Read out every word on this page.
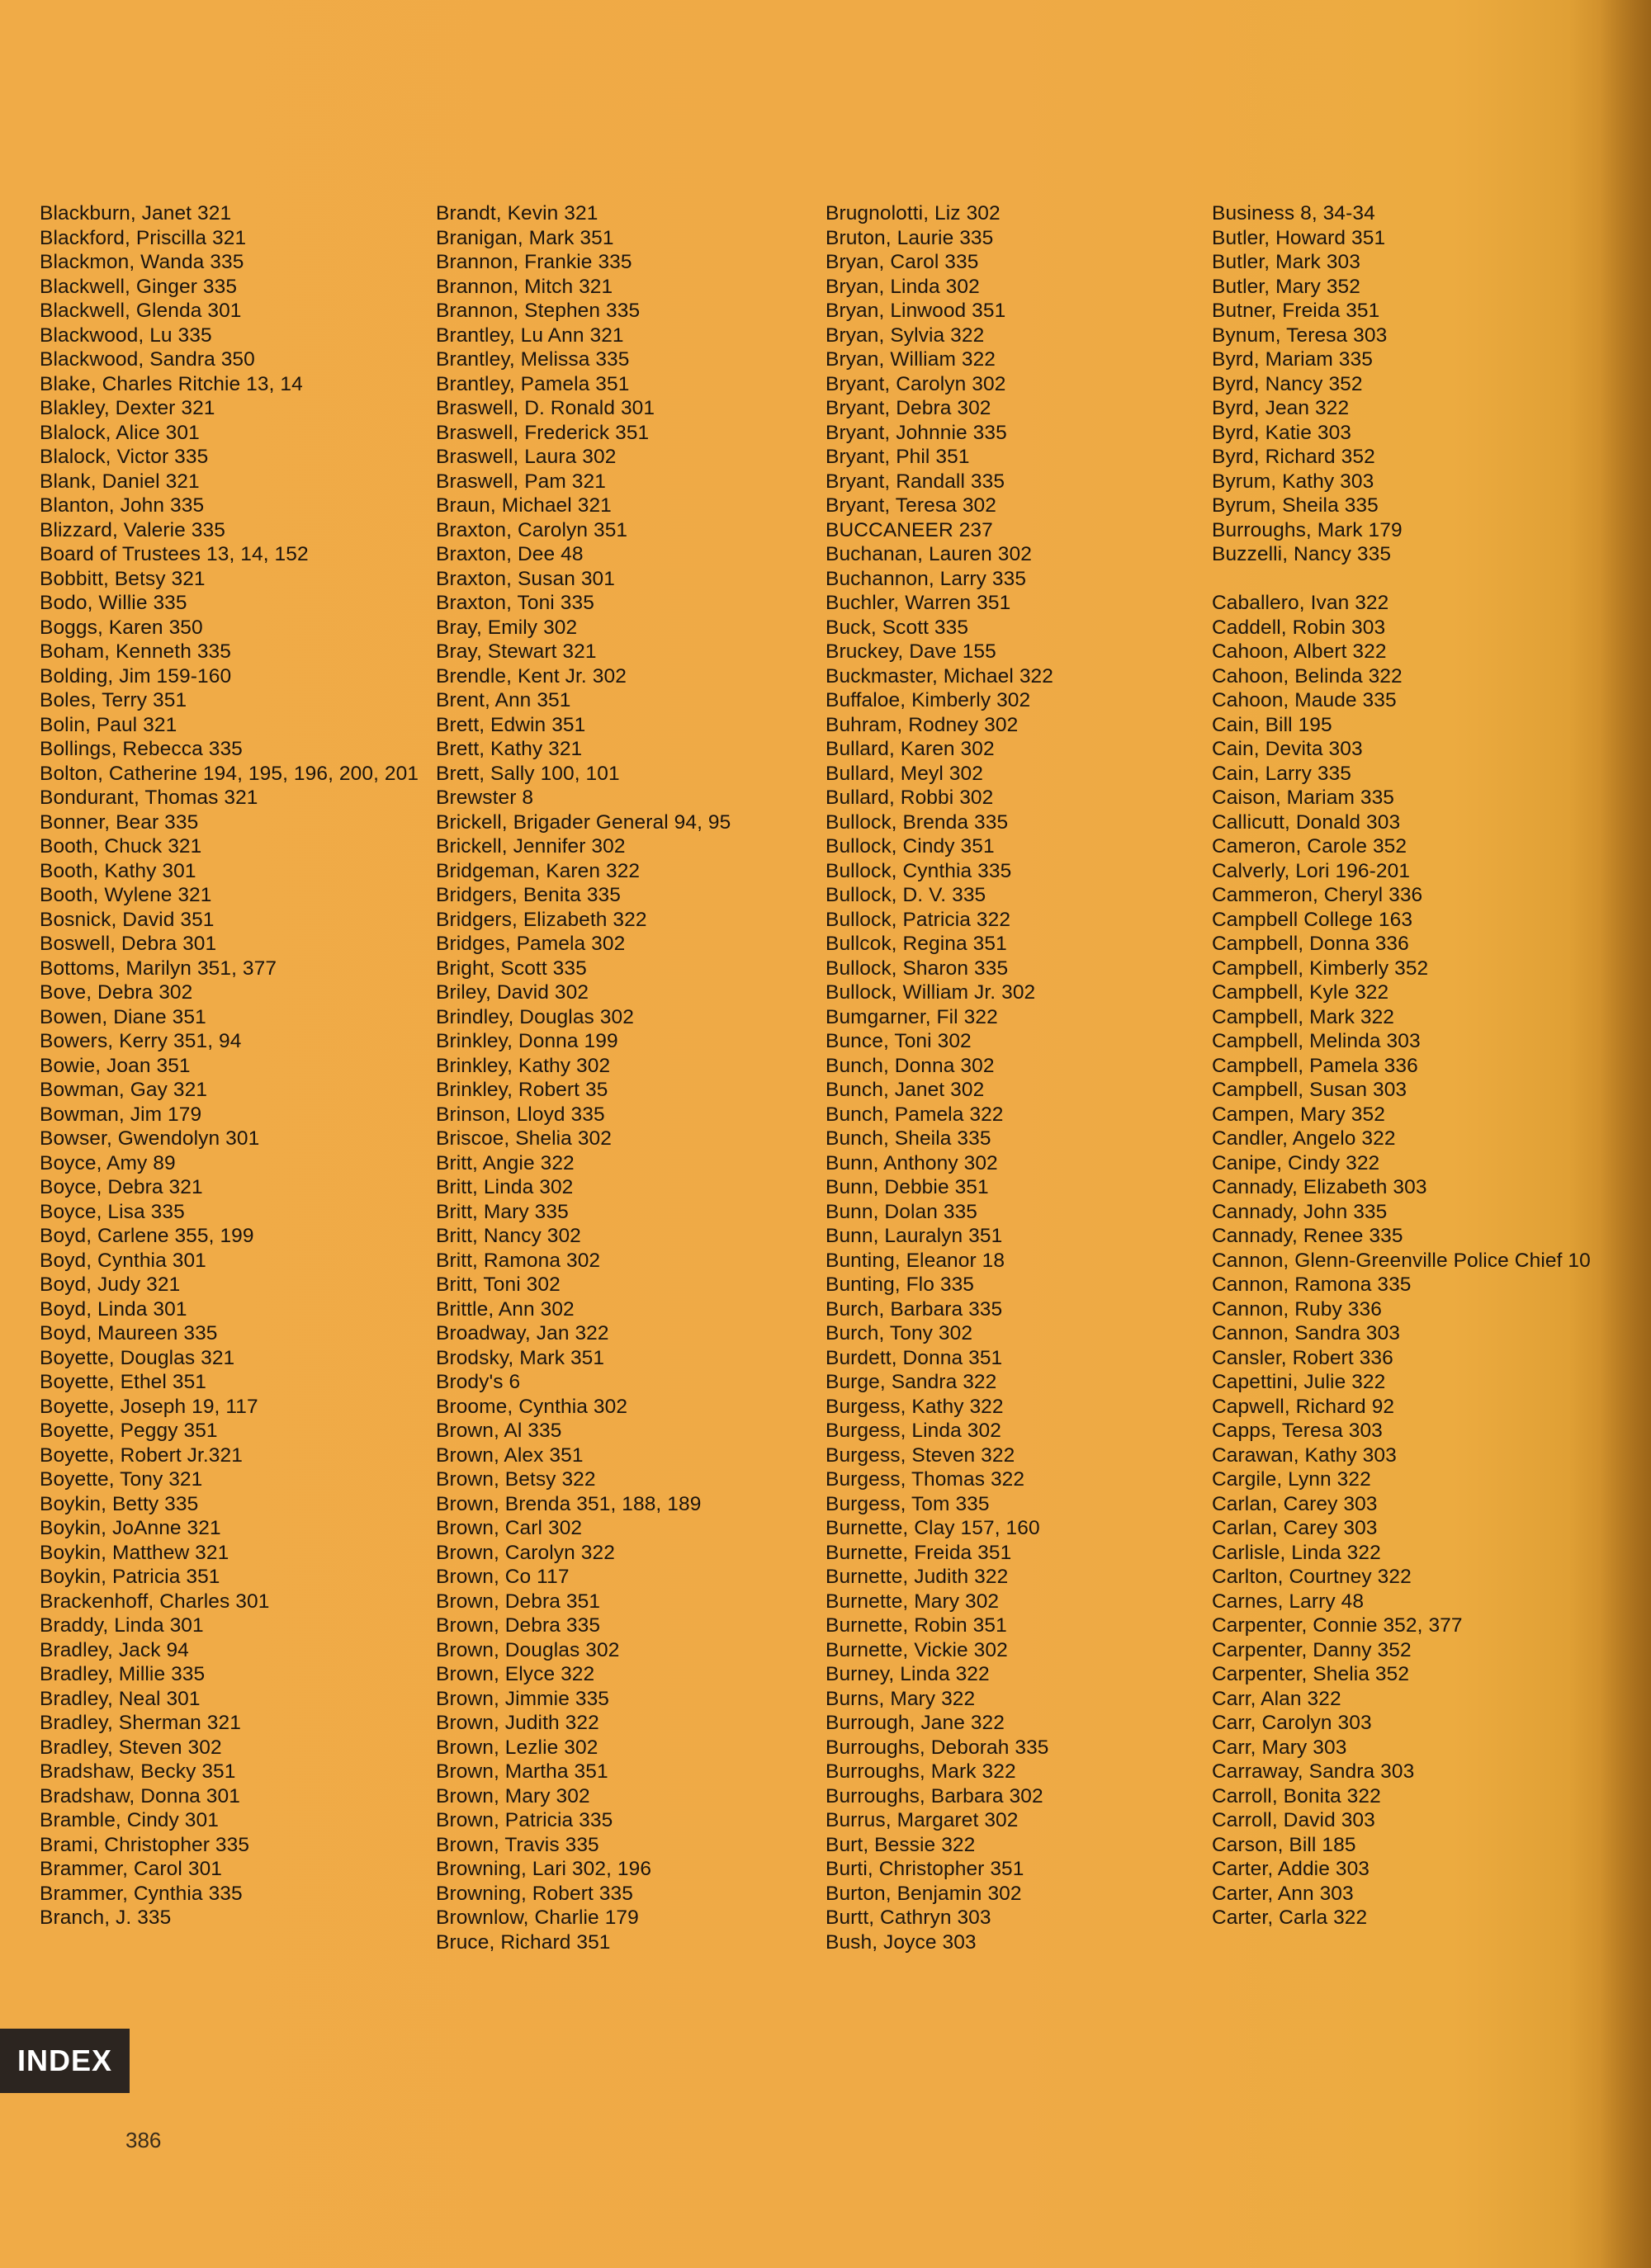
Blackburn, Janet 321
Blackford, Priscilla 321
Blackmon, Wanda 335
Blackwell, Ginger 335
Blackwell, Glenda 301
Blackwood, Lu 335
Blackwood, Sandra 350
Blake, Charles Ritchie 13, 14
Blakley, Dexter 321
Blalock, Alice 301
Blalock, Victor 335
Blank, Daniel 321
Blanton, John 335
Blizzard, Valerie 335
Board of Trustees 13, 14, 152
Bobbitt, Betsy 321
Bodo, Willie 335
Boggs, Karen 350
Boham, Kenneth 335
Bolding, Jim 159-160
Boles, Terry 351
Bolin, Paul 321
Bollings, Rebecca 335
Bolton, Catherine 194, 195, 196, 200, 201
Bondurant, Thomas 321
Bonner, Bear 335
Booth, Chuck 321
Booth, Kathy 301
Booth, Wylene 321
Bosnick, David 351
Boswell, Debra 301
Bottoms, Marilyn 351, 377
Bove, Debra 302
Bowen, Diane 351
Bowers, Kerry 351, 94
Bowie, Joan 351
Bowman, Gay 321
Bowman, Jim 179
Bowser, Gwendolyn 301
Boyce, Amy 89
Boyce, Debra 321
Boyce, Lisa 335
Boyd, Carlene 355, 199
Boyd, Cynthia 301
Boyd, Judy 321
Boyd, Linda 301
Boyd, Maureen 335
Boyette, Douglas 321
Boyette, Ethel 351
Boyette, Joseph 19, 117
Boyette, Peggy 351
Boyette, Robert Jr.321
Boyette, Tony 321
Boykin, Betty 335
Boykin, JoAnne 321
Boykin, Matthew 321
Boykin, Patricia 351
Brackenhoff, Charles 301
Braddy, Linda 301
Bradley, Jack 94
Bradley, Millie 335
Bradley, Neal 301
Bradley, Sherman 321
Bradley, Steven 302
Bradshaw, Becky 351
Bradshaw, Donna 301
Bramble, Cindy 301
Brami, Christopher 335
Brammer, Carol 301
Brammer, Cynthia 335
Branch, J. 335
Brandt, Kevin 321
Branigan, Mark 351
Brannon, Frankie 335
Brannon, Mitch 321
Brannon, Stephen 335
Brantley, Lu Ann 321
Brantley, Melissa 335
Brantley, Pamela 351
Braswell, D. Ronald 301
Braswell, Frederick 351
Braswell, Laura 302
Braswell, Pam 321
Braun, Michael 321
Braxton, Carolyn 351
Braxton, Dee 48
Braxton, Susan 301
Braxton, Toni 335
Bray, Emily 302
Bray, Stewart 321
Brendle, Kent Jr. 302
Brent, Ann 351
Brett, Edwin 351
Brett, Kathy 321
Brett, Sally 100, 101
Brewster 8
Brickell, Brigader General 94, 95
Brickell, Jennifer 302
Bridgeman, Karen 322
Bridgers, Benita 335
Bridgers, Elizabeth 322
Bridges, Pamela 302
Bright, Scott 335
Briley, David 302
Brindley, Douglas 302
Brinkley, Donna 199
Brinkley, Kathy 302
Brinkley, Robert 35
Brinson, Lloyd 335
Briscoe, Shelia 302
Britt, Angie 322
Britt, Linda 302
Britt, Mary 335
Britt, Nancy 302
Britt, Ramona 302
Britt, Toni 302
Brittle, Ann 302
Broadway, Jan 322
Brodsky, Mark 351
Brody's 6
Broome, Cynthia 302
Brown, Al 335
Brown, Alex 351
Brown, Betsy 322
Brown, Brenda 351, 188, 189
Brown, Carl 302
Brown, Carolyn 322
Brown, Co 117
Brown, Debra 351
Brown, Debra 335
Brown, Douglas 302
Brown, Elyce 322
Brown, Jimmie 335
Brown, Judith 322
Brown, Lezlie 302
Brown, Martha 351
Brown, Mary 302
Brown, Patricia 335
Brown, Travis 335
Browning, Lari 302, 196
Browning, Robert 335
Brownlow, Charlie 179
Bruce, Richard 351
Brugnolotti, Liz 302
Bruton, Laurie 335
Bryan, Carol 335
Bryan, Linda 302
Bryan, Linwood 351
Bryan, Sylvia 322
Bryan, William 322
Bryant, Carolyn 302
Bryant, Debra 302
Bryant, Johnnie 335
Bryant, Phil 351
Bryant, Randall 335
Bryant, Teresa 302
BUCCANEER 237
Buchanan, Lauren 302
Buchannon, Larry 335
Buchler, Warren 351
Buck, Scott 335
Bruckey, Dave 155
Buckmaster, Michael 322
Buffaloe, Kimberly 302
Buhram, Rodney 302
Bullard, Karen 302
Bullard, Meyl 302
Bullard, Robbi 302
Bullock, Brenda 335
Bullock, Cindy 351
Bullock, Cynthia 335
Bullock, D. V. 335
Bullock, Patricia 322
Bullcok, Regina 351
Bullock, Sharon 335
Bullock, William Jr. 302
Bumgarner, Fil 322
Bunce, Toni 302
Bunch, Donna 302
Bunch, Janet 302
Bunch, Pamela 322
Bunch, Sheila 335
Bunn, Anthony 302
Bunn, Debbie 351
Bunn, Dolan 335
Bunn, Lauralyn 351
Bunting, Eleanor 18
Bunting, Flo 335
Burch, Barbara 335
Burch, Tony 302
Burdett, Donna 351
Burge, Sandra 322
Burgess, Kathy 322
Burgess, Linda 302
Burgess, Steven 322
Burgess, Thomas 322
Burgess, Tom 335
Burnette, Clay 157, 160
Burnette, Freida 351
Burnette, Judith 322
Burnette, Mary 302
Burnette, Robin 351
Burnette, Vickie 302
Burney, Linda 322
Burns, Mary 322
Burrough, Jane 322
Burroughs, Deborah 335
Burroughs, Mark 322
Burroughs, Barbara 302
Burrus, Margaret 302
Burt, Bessie 322
Burti, Christopher 351
Burton, Benjamin 302
Burtt, Cathryn 303
Bush, Joyce 303
Business 8, 34-34
Butler, Howard 351
Butler, Mark 303
Butler, Mary 352
Butner, Freida 351
Bynum, Teresa 303
Byrd, Mariam 335
Byrd, Nancy 352
Byrd, Jean 322
Byrd, Katie 303
Byrd, Richard 352
Byrum, Kathy 303
Byrum, Sheila 335
Burroughs, Mark 179
Buzzelli, Nancy 335
Caballero, Ivan 322
Caddell, Robin 303
Cahoon, Albert 322
Cahoon, Belinda 322
Cahoon, Maude 335
Cain, Bill 195
Cain, Devita 303
Cain, Larry 335
Caison, Mariam 335
Callicutt, Donald 303
Cameron, Carole 352
Calverly, Lori 196-201
Cammeron, Cheryl 336
Campbell College 163
Campbell, Donna 336
Campbell, Kimberly 352
Campbell, Kyle 322
Campbell, Mark 322
Campbell, Melinda 303
Campbell, Pamela 336
Campbell, Susan 303
Campen, Mary 352
Candler, Angelo 322
Canipe, Cindy 322
Cannady, Elizabeth 303
Cannady, John 335
Cannady, Renee 335
Cannon, Glenn-Greenville Police Chief 10
Cannon, Ramona 335
Cannon, Ruby 336
Cannon, Sandra 303
Cansler, Robert 336
Capettini, Julie 322
Capwell, Richard 92
Capps, Teresa 303
Carawan, Kathy 303
Cargile, Lynn 322
Carlan, Carey 303
Carlan, Carey 303
Carlisle, Linda 322
Carlton, Courtney 322
Carnes, Larry 48
Carpenter, Connie 352, 377
Carpenter, Danny 352
Carpenter, Shelia 352
Carr, Alan 322
Carr, Carolyn 303
Carr, Mary 303
Carraway, Sandra 303
Carroll, Bonita 322
Carroll, David 303
Carson, Bill 185
Carter, Addie 303
Carter, Ann 303
Carter, Carla 322
INDEX
386
